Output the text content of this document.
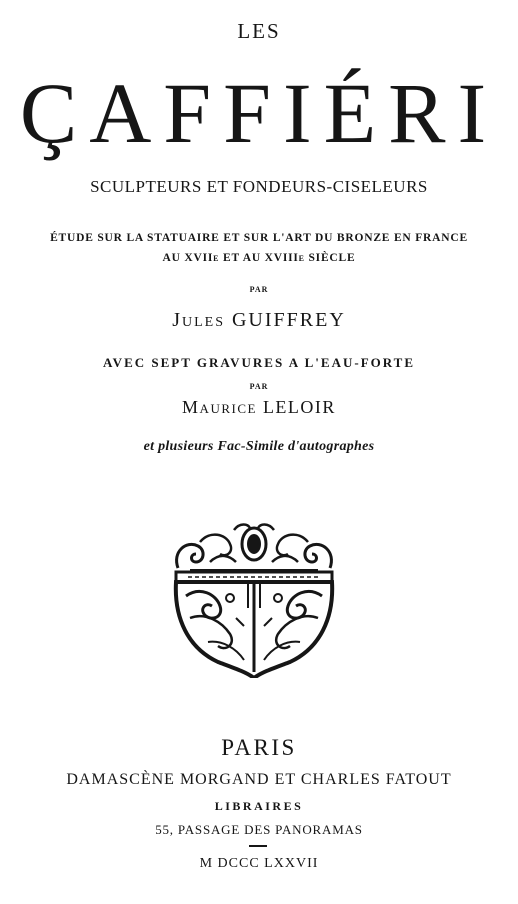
LES
ÇAFFIÉRI
SCULPTEURS ET FONDEURS-CISELEURS
ÉTUDE SUR LA STATUAIRE ET SUR L'ART DU BRONZE EN FRANCE
AU XVIIe ET AU XVIIIe SIÈCLE
PAR
Jules GUIFFREY
AVEC SEPT GRAVURES A L'EAU-FORTE
PAR
Maurice LELOIR
et plusieurs Fac-Simile d'autographes
PARIS
DAMASCÈNE MORGAND ET CHARLES FATOUT
LIBRAIRES
55, PASSAGE DES PANORAMAS
M DCCC LXXVII
